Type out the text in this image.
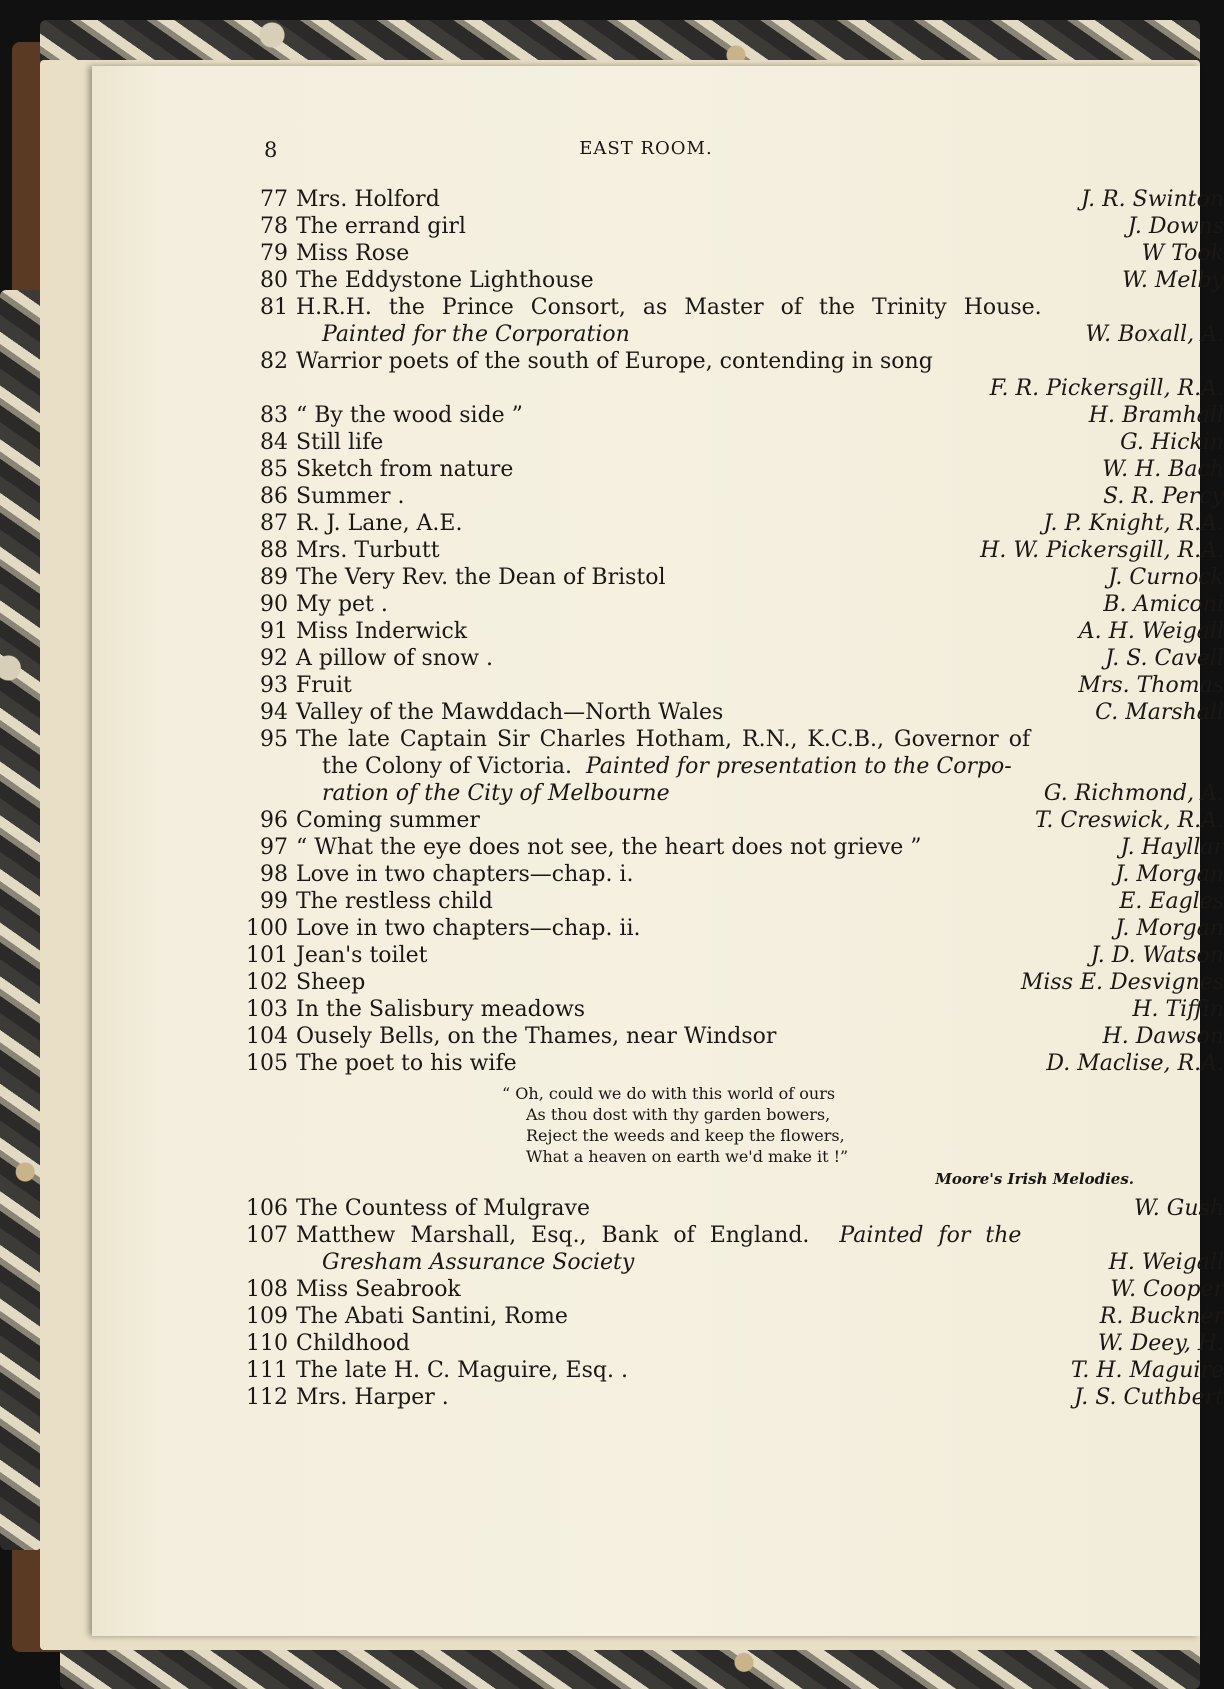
8	EAST ROOM.
77 Mrs. Holford	J. R. Swinton
78 The errand girl	J. Downs
79 Miss Rose	W Took
80 The Eddystone Lighthouse	W. Melby
81 H.R.H. the Prince Consort, as Master of the Trinity House.
Painted for the Corporation	W. Boxall, A.
82 Warrior poets of the south of Europe, contending in song
F. R. Pickersgill, R.A.
83 “ By the wood side ”	H. Bramhall
84 Still life	G. Hickin
85 Sketch from nature	W. H. Bach
86 Summer .	S. R. Percy
87 R. J. Lane, A.E.	J. P. Knight, R.A.
88 Mrs. Turbutt	H. W. Pickersgill, R.A.
89 The Very Rev. the Dean of Bristol	J. Curnock
90 My pet .	B. Amiconi
91 Miss Inderwick	A. H. Weigall
92 A pillow of snow .	J. S. Cavell
93 Fruit	Mrs. Thomas
94 Valley of the Mawddach—North Wales	C. Marshall
95 The late Captain Sir Charles Hotham, R.N., K.C.B., Governor of
the Colony of Victoria. Painted for presentation to the Corpo-
ration of the City of Melbourne	G. Richmond, A.
96 Coming summer	T. Creswick, R.A.
97 “ What the eye does not see, the heart does not grieve ”	J. Hayllar
98 Love in two chapters—chap. i.	J. Morgan
99 The restless child	E. Eagles
100 Love in two chapters—chap. ii.	J. Morgan
101 Jean's toilet	J. D. Watson
102 Sheep	Miss E. Desvignes
103 In the Salisbury meadows	H. Tiffin
104 Ousely Bells, on the Thames, near Windsor	H. Dawson
105 The poet to his wife	D. Maclise, R.A.
“ Oh, could we do with this world of ours
As thou dost with thy garden bowers,
Reject the weeds and keep the flowers,
What a heaven on earth we'd make it !”
Moore's Irish Melodies.
106 The Countess of Mulgrave	W. Gush
107 Matthew Marshall, Esq., Bank of England. Painted for the
Gresham Assurance Society	H. Weigall
108 Miss Seabrook	W. Cooper
109 The Abati Santini, Rome	R. Buckner
110 Childhood	W. Deey, H.
111 The late H. C. Maguire, Esq. .	T. H. Maguire
112 Mrs. Harper .	J. S. Cuthbert
